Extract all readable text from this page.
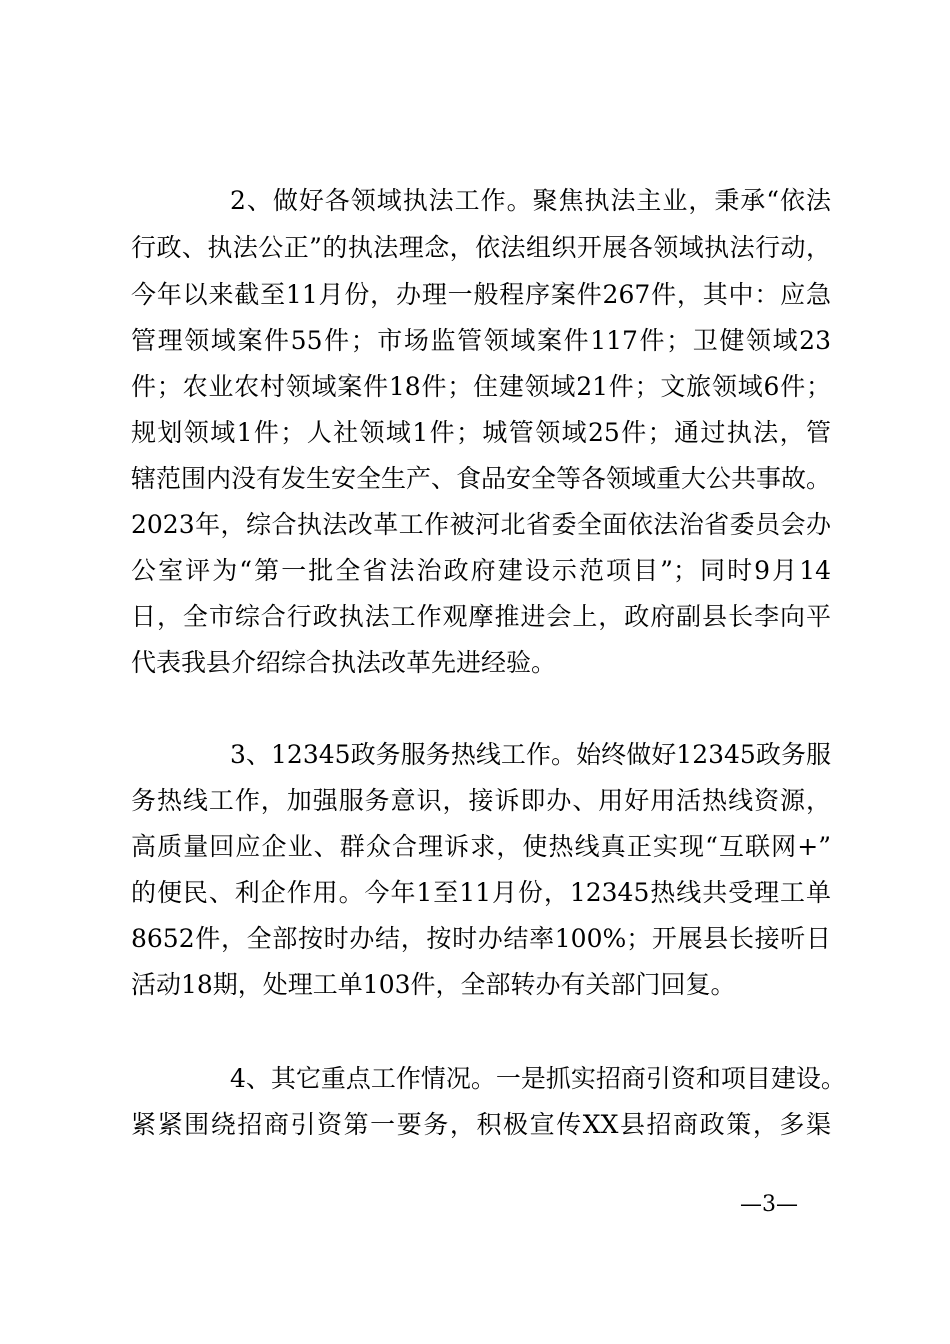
2、做好各领域执法工作。聚焦执法主业，秉承“依法
行政、执法公正”的执法理念，依法组织开展各领域执法行动，
今年以来截至11月份，办理一般程序案件267件，其中：应急
管理领域案件55件；市场监管领域案件117件；卫健领域23
件；农业农村领域案件18件；住建领域21件；文旅领域6件；
规划领域1件；人社领域1件；城管领域25件；通过执法，管
辖范围内没有发生安全生产、食品安全等各领域重大公共事故。
2023年，综合执法改革工作被河北省委全面依法治省委员会办
公室评为“第一批全省法治政府建设示范项目”；同时9月14
日，全市综合行政执法工作观摩推进会上，政府副县长李向平
代表我县介绍综合执法改革先进经验。
3、12345政务服务热线工作。始终做好12345政务服
务热线工作，加强服务意识，接诉即办、用好用活热线资源，
高质量回应企业、群众合理诉求，使热线真正实现“互联网+”
的便民、利企作用。今年1至11月份，12345热线共受理工单
8652件，全部按时办结，按时办结率100%；开展县长接听日
活动18期，处理工单103件，全部转办有关部门回复。
4、其它重点工作情况。一是抓实招商引资和项目建设。
紧紧围绕招商引资第一要务，积极宣传XX县招商政策，多渠
—3—
